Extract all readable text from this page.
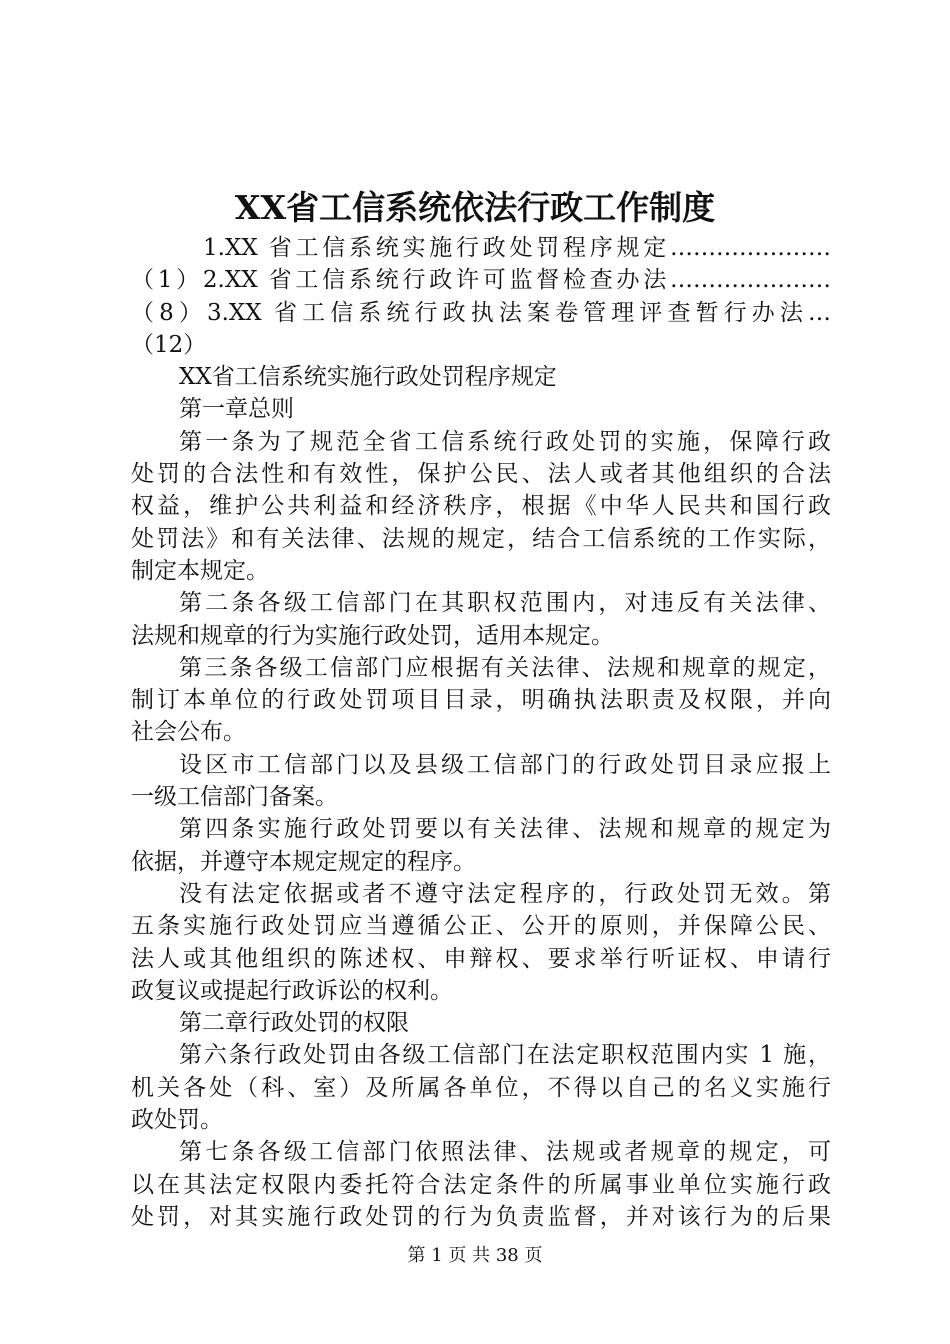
XX省工信系统依法行政工作制度
1.XX 省工信系统实施行政处罚程序规定…………………
（1）2.XX 省工信系统行政许可监督检查办法…………………
（8）3.XX 省工信系统行政执法案卷管理评查暂行办法…
（12）
XX省工信系统实施行政处罚程序规定
第一章总则
第一条为了规范全省工信系统行政处罚的实施，保障行政
处罚的合法性和有效性，保护公民、法人或者其他组织的合法
权益，维护公共利益和经济秩序，根据《中华人民共和国行政
处罚法》和有关法律、法规的规定，结合工信系统的工作实际，
制定本规定。
第二条各级工信部门在其职权范围内，对违反有关法律、
法规和规章的行为实施行政处罚，适用本规定。
第三条各级工信部门应根据有关法律、法规和规章的规定，
制订本单位的行政处罚项目目录，明确执法职责及权限，并向
社会公布。
设区市工信部门以及县级工信部门的行政处罚目录应报上
一级工信部门备案。
第四条实施行政处罚要以有关法律、法规和规章的规定为
依据，并遵守本规定规定的程序。
没有法定依据或者不遵守法定程序的，行政处罚无效。第
五条实施行政处罚应当遵循公正、公开的原则，并保障公民、
法人或其他组织的陈述权、申辩权、要求举行听证权、申请行
政复议或提起行政诉讼的权利。
第二章行政处罚的权限
第六条行政处罚由各级工信部门在法定职权范围内实 1 施，
机关各处（科、室）及所属各单位，不得以自己的名义实施行
政处罚。
第七条各级工信部门依照法律、法规或者规章的规定，可
以在其法定权限内委托符合法定条件的所属事业单位实施行政
处罚，对其实施行政处罚的行为负责监督，并对该行为的后果
第 1 页 共 38 页
